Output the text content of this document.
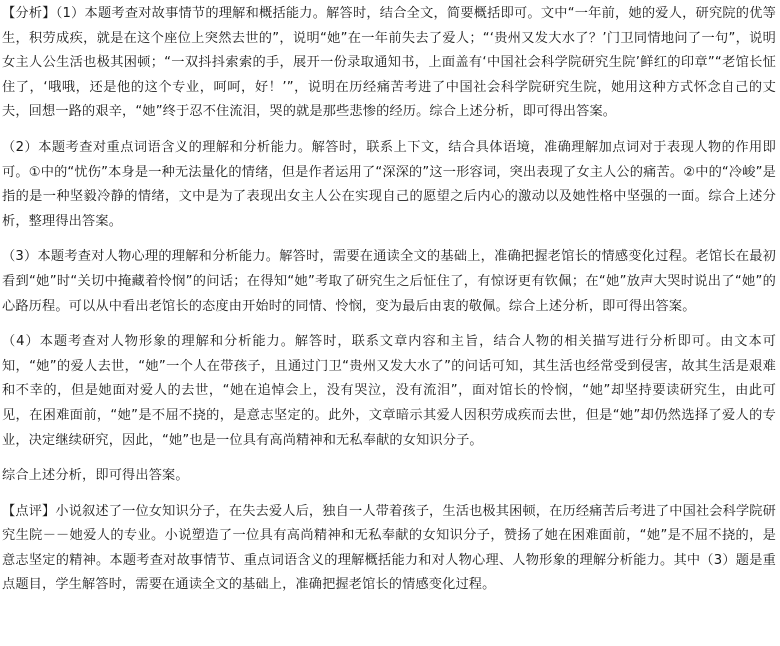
【分析】（1）本题考查对故事情节的理解和概括能力。解答时，结合全文，简要概括即可。文中“一年前，她的爱人，研究院的优等生，积劳成疾，就是在这个座位上突然去世的”，说明“她”在一年前失去了爱人；“‘贵州又发大水了？’门卫同情地问了一句”，说明女主人公生活也极其困顿；“一双抖抖索索的手，展开一份录取通知书，上面盖有‘中国社会科学院研究生院’鲜红的印章”“老馆长怔住了，‘哦哦，还是他的这个专业，呵呵，好！’”，说明在历经痛苦考进了中国社会科学院研究生院，她用这种方式怀念自己的丈夫，回想一路的艰辛，“她”终于忍不住流泪，哭的就是那些悲惨的经历。综合上述分析，即可得出答案。

（2）本题考查对重点词语含义的理解和分析能力。解答时，联系上下文，结合具体语境，准确理解加点词对于表现人物的作用即可。①中的“忧伤”本身是一种无法量化的情绪，但是作者运用了“深深的”这一形容词，突出表现了女主人公的痛苦。②中的“冷峻”是指的是一种坚毅冷静的情绪，文中是为了表现出女主人公在实现自己的愿望之后内心的激动以及她性格中坚强的一面。综合上述分析，整理得出答案。

（3）本题考查对人物心理的理解和分析能力。解答时，需要在通读全文的基础上，准确把握老馆长的情感变化过程。老馆长在最初看到“她”时“关切中掩藏着怜悯”的问话；在得知“她”考取了研究生之后怔住了，有惊讶更有钦佩；在“她”放声大哭时说出了“她”的心路历程。可以从中看出老馆长的态度由开始时的同情、怜悯，变为最后由衷的敬佩。综合上述分析，即可得出答案。

（4）本题考查对人物形象的理解和分析能力。解答时，联系文章内容和主旨，结合人物的相关描写进行分析即可。由文本可知，“她”的爱人去世，“她”一个人在带孩子，且通过门卫“贵州又发大水了”的问话可知，其生活也经常受到侵害，故其生活是艰难和不幸的，但是她面对爱人的去世，“她在追悼会上，没有哭泣，没有流泪”，面对馆长的怜悯，“她”却坚持要读研究生，由此可见，在困难面前，“她”是不屈不挠的，是意志坚定的。此外，文章暗示其爱人因积劳成疾而去世，但是“她”却仍然选择了爱人的专业，决定继续研究，因此，“她”也是一位具有高尚精神和无私奉献的女知识分子。

综合上述分析，即可得出答案。

【点评】小说叙述了一位女知识分子，在失去爱人后，独自一人带着孩子，生活也极其困顿，在历经痛苦后考进了中国社会科学院研究生院－－她爱人的专业。小说塑造了一位具有高尚精神和无私奉献的女知识分子，赞扬了她在困难面前，“她”是不屈不挠的，是意志坚定的精神。本题考查对故事情节、重点词语含义的理解概括能力和对人物心理、人物形象的理解分析能力。其中（3）题是重点题目，学生解答时，需要在通读全文的基础上，准确把握老馆长的情感变化过程。
